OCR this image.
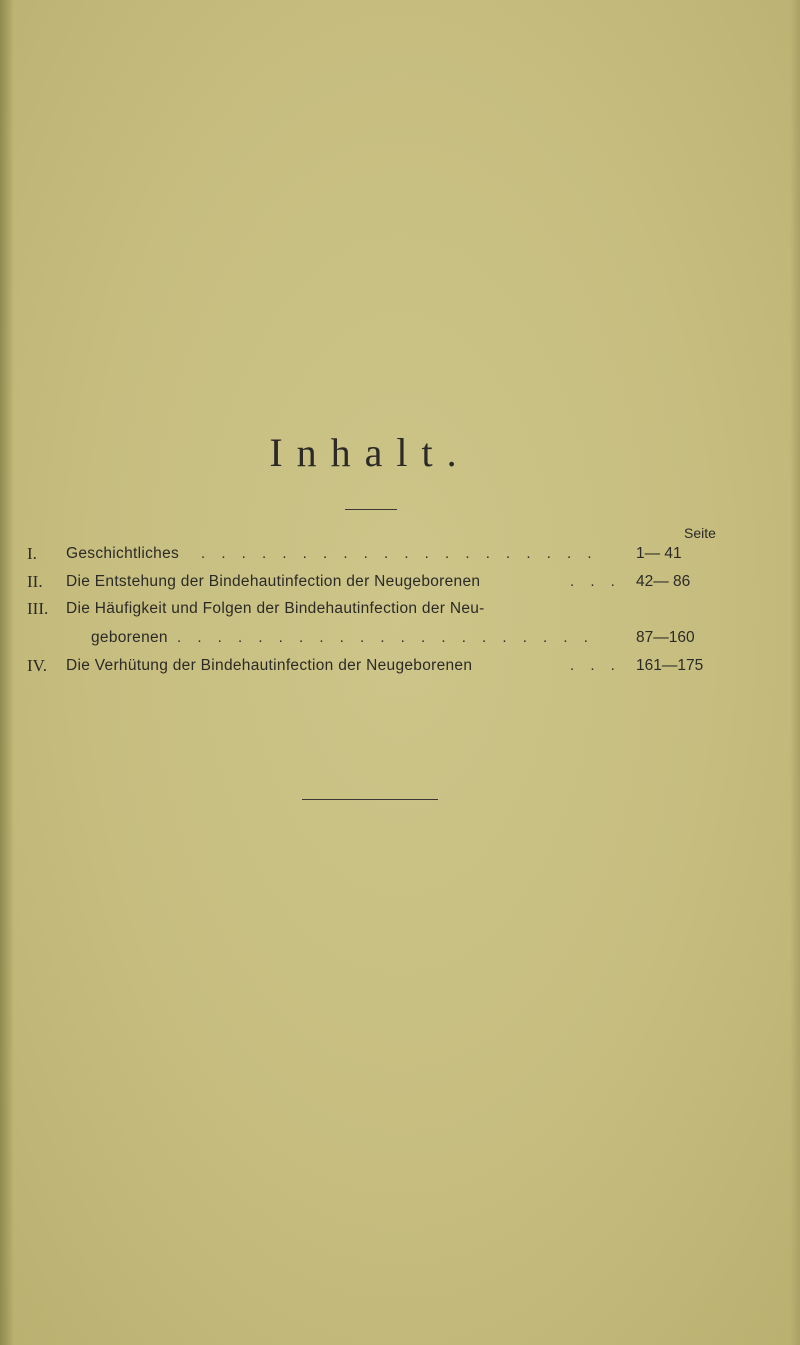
Inhalt.
Seite
I.	Geschichtliches . . . . . . . . . . . . . . . . . . . . 1— 41
II.	Die Entstehung der Bindehautinfection der Neugeborenen	. . . 42— 86
III.	Die Häufigkeit und Folgen der Bindehautinfection der Neu-
geborenen . . . . . . . . . . . . . . . . . . . . .	87—160
IV.	Die Verhütung der Bindehautinfection der Neugeborenen	. . . 161—175
